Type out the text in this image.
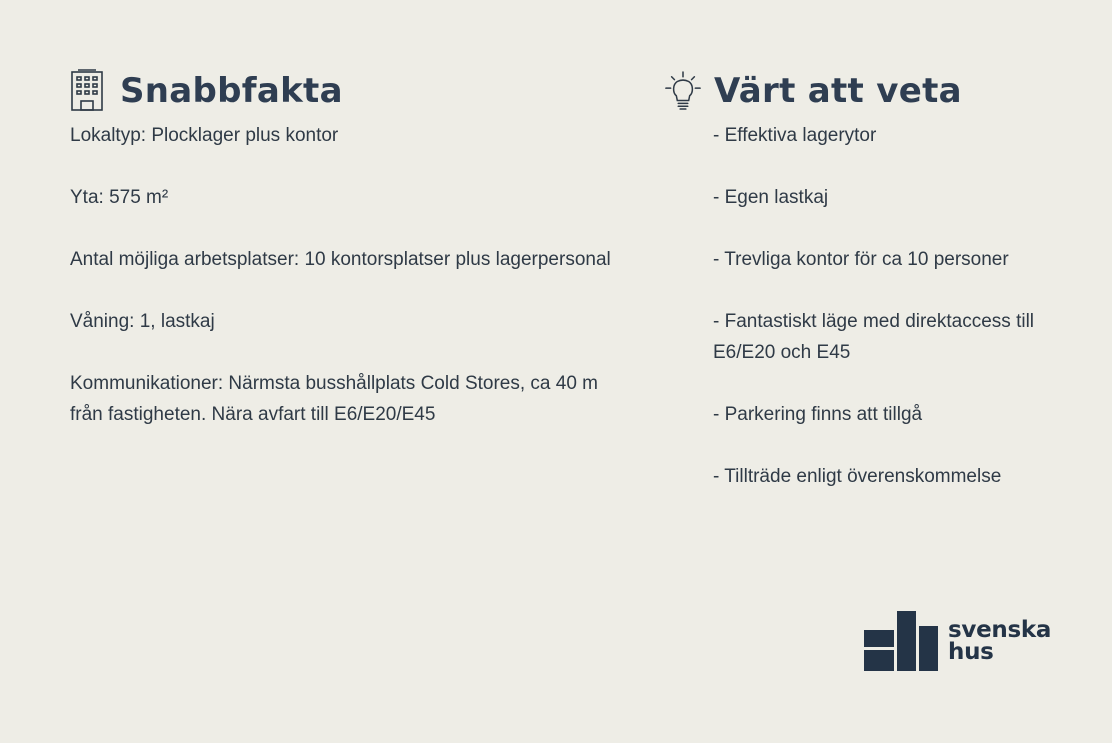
Snabbfakta
Lokaltyp: Plocklager plus kontor
Yta: 575 m²
Antal möjliga arbetsplatser: 10 kontorsplatser plus lagerpersonal
Våning: 1, lastkaj
Kommunikationer: Närmsta busshållplats Cold Stores, ca 40 m från fastigheten. Nära avfart till E6/E20/E45
Värt att veta
- Effektiva lagerytor
- Egen lastkaj
- Trevliga kontor för ca 10 personer
- Fantastiskt läge med direktaccess till E6/E20 och E45
- Parkering finns att tillgå
- Tillträde enligt överenskommelse
svenska
hus
